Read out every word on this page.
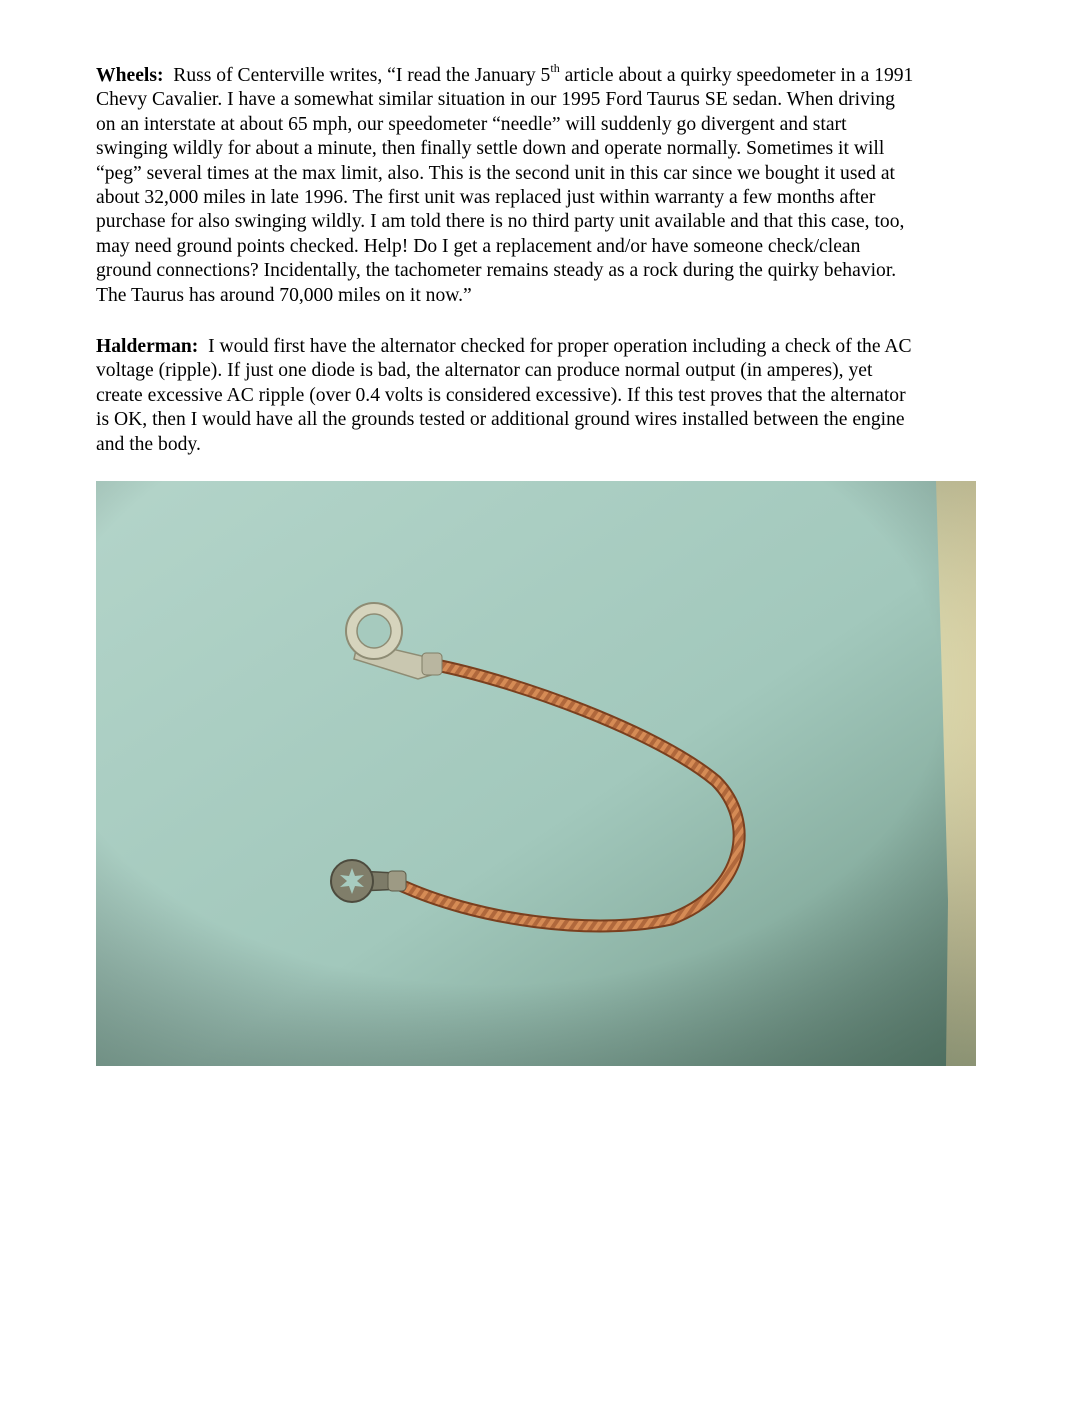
Wheels: Russ of Centerville writes, “I read the January 5th article about a quirky speedometer in a 1991
Chevy Cavalier. I have a somewhat similar situation in our 1995 Ford Taurus SE sedan. When driving
on an interstate at about 65 mph, our speedometer “needle” will suddenly go divergent and start
swinging wildly for about a minute, then finally settle down and operate normally. Sometimes it will
“peg” several times at the max limit, also. This is the second unit in this car since we bought it used at
about 32,000 miles in late 1996. The first unit was replaced just within warranty a few months after
purchase for also swinging wildly. I am told there is no third party unit available and that this case, too,
may need ground points checked. Help! Do I get a replacement and/or have someone check/clean
ground connections? Incidentally, the tachometer remains steady as a rock during the quirky behavior.
The Taurus has around 70,000 miles on it now.”
Halderman: I would first have the alternator checked for proper operation including a check of the AC
voltage (ripple). If just one diode is bad, the alternator can produce normal output (in amperes), yet
create excessive AC ripple (over 0.4 volts is considered excessive). If this test proves that the alternator
is OK, then I would have all the grounds tested or additional ground wires installed between the engine
and the body.
